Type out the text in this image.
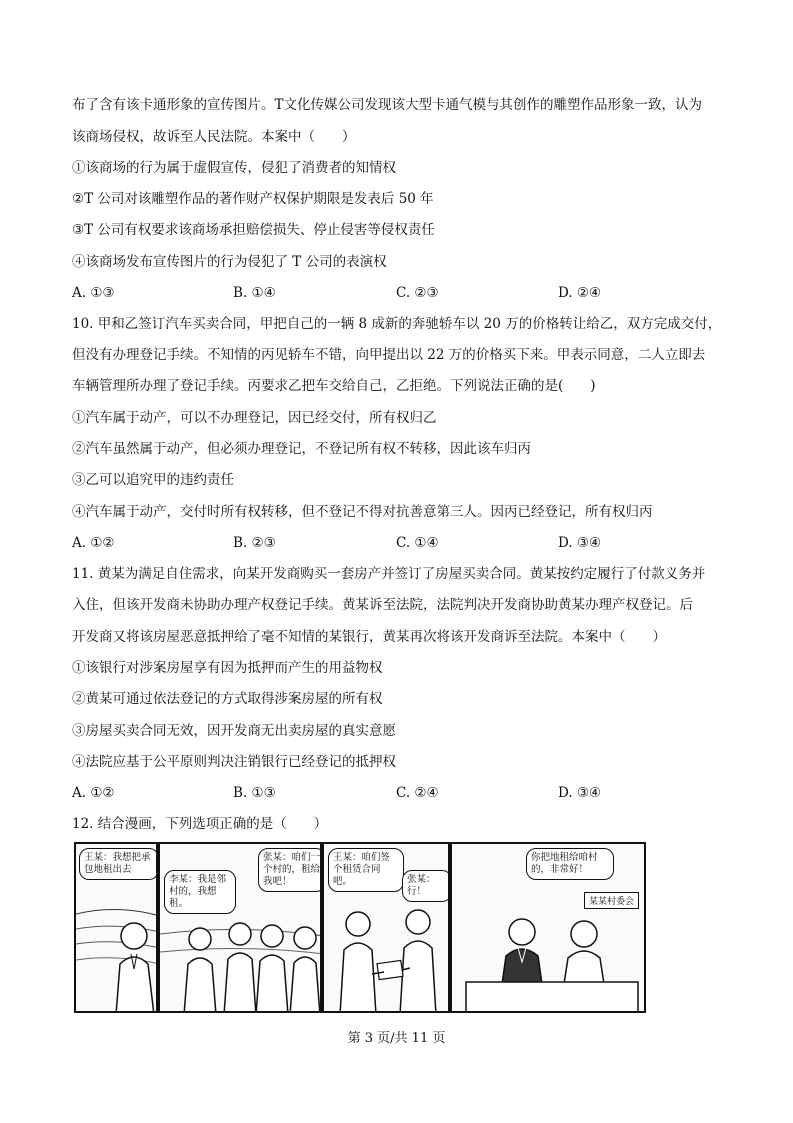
布了含有该卡通形象的宣传图片。T文化传媒公司发现该大型卡通气模与其创作的雕塑作品形象一致，认为
该商场侵权，故诉至人民法院。本案中（　　）
①该商场的行为属于虚假宣传，侵犯了消费者的知情权
②T 公司对该雕塑作品的著作财产权保护期限是发表后 50 年
③T 公司有权要求该商场承担赔偿损失、停止侵害等侵权责任
④该商场发布宣传图片的行为侵犯了 T 公司的表演权
A. ①③	B. ①④	C. ②③	D. ②④
10. 甲和乙签订汽车买卖合同，甲把自己的一辆 8 成新的奔驰轿车以 20 万的价格转让给乙，双方完成交付，
但没有办理登记手续。不知情的丙见轿车不错，向甲提出以 22 万的价格买下来。甲表示同意，二人立即去
车辆管理所办理了登记手续。丙要求乙把车交给自己，乙拒绝。下列说法正确的是(　　)
①汽车属于动产，可以不办理登记，因已经交付，所有权归乙
②汽车虽然属于动产，但必须办理登记，不登记所有权不转移，因此该车归丙
③乙可以追究甲的违约责任
④汽车属于动产，交付时所有权转移，但不登记不得对抗善意第三人。因丙已经登记，所有权归丙
A. ①②	B. ②③	C. ①④	D. ③④
11. 黄某为满足自住需求，向某开发商购买一套房产并签订了房屋买卖合同。黄某按约定履行了付款义务并
入住，但该开发商未协助办理产权登记手续。黄某诉至法院，法院判决开发商协助黄某办理产权登记。后
开发商又将该房屋恶意抵押给了毫不知情的某银行，黄某再次将该开发商诉至法院。本案中（　　）
①该银行对涉案房屋享有因为抵押而产生的用益物权
②黄某可通过依法登记的方式取得涉案房屋的所有权
③房屋买卖合同无效，因开发商无出卖房屋的真实意愿
④法院应基于公平原则判决注销银行已经登记的抵押权
A. ①②	B. ①③	C. ②④	D. ③④
12. 结合漫画，下列选项正确的是（　　）
王某：我想把承包地租出去
李某：我是邻村的，我想租。
张某：咱们一个村的，租给我吧！
王某：咱们签个租赁合同吧。	张某：行！
你把地租给咱村的，非常好！
某某村委会
第 3 页/共 11 页
